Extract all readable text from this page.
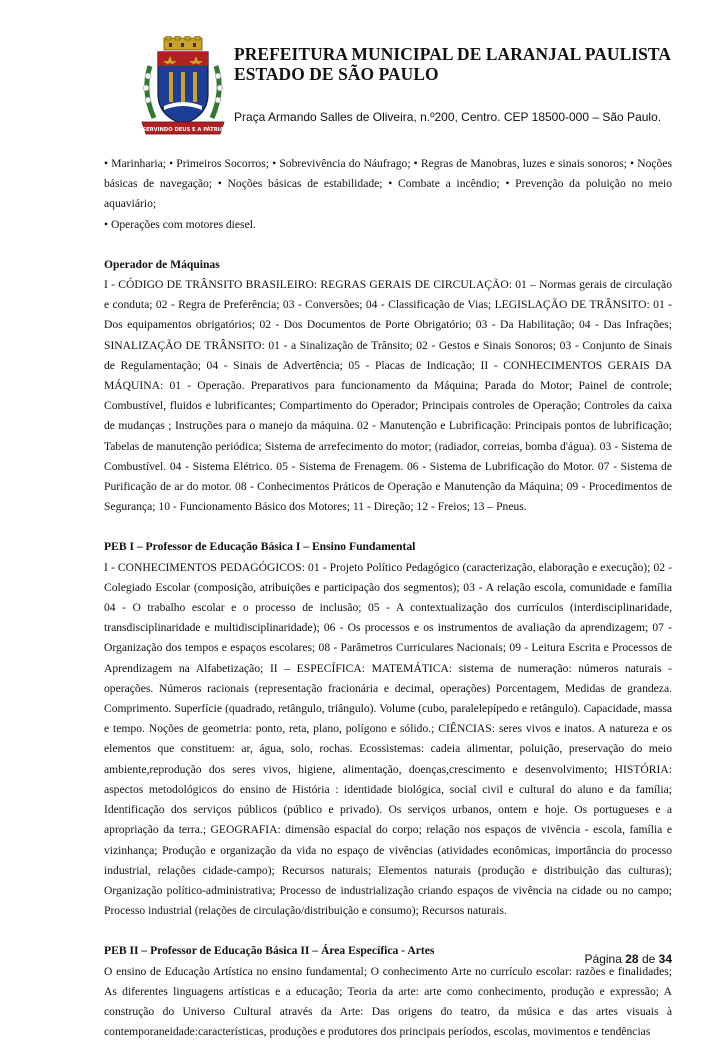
SERVINDO DEUS E A PÁTRIA
PREFEITURA MUNICIPAL DE LARANJAL PAULISTA
ESTADO DE SÃO PAULO
Praça Armando Salles de Oliveira, n.º200, Centro. CEP 18500-000 – São Paulo.

• Marinharia; • Primeiros Socorros; • Sobrevivência do Náufrago; • Regras de Manobras, luzes e sinais sonoros; • Noções básicas de navegação; • Noções básicas de estabilidade; • Combate a incêndio; • Prevenção da poluição no meio aquaviário;

• Operações com motores diesel.

Operador de Máquinas

I - CÓDIGO DE TRÂNSITO BRASILEIRO: REGRAS GERAIS DE CIRCULAÇÃO: 01 – Normas gerais de circulação e conduta; 02 - Regra de Preferência; 03 - Conversões; 04 - Classificação de Vias; LEGISLAÇÃO DE TRÂNSITO: 01 - Dos equipamentos obrigatórios; 02 - Dos Documentos de Porte Obrigatório; 03 - Da Habilitação; 04 - Das Infrações; SINALIZAÇÃO DE TRÂNSITO: 01 - a Sinalização de Trânsito; 02 - Gestos e Sinais Sonoros; 03 - Conjunto de Sinais de Regulamentação; 04 - Sinais de Advertência; 05 - Placas de Indicação; II - CONHECIMENTOS GERAIS DA MÁQUINA: 01 - Operação. Preparativos para funcionamento da Máquina; Parada do Motor; Painel de controle; Combustível, fluidos e lubrificantes; Compartimento do Operador; Principais controles de Operação; Controles da caixa de mudanças ; Instruções para o manejo da máquina. 02 - Manutenção e Lubrificação: Principais pontos de lubrificação; Tabelas de manutenção periódica; Sistema de arrefecimento do motor; (radiador, correias, bomba d'água). 03 - Sistema de Combustível. 04 - Sistema Elétrico. 05 - Sistema de Frenagem. 06 - Sistema de Lubrificação do Motor. 07 - Sistema de Purificação de ar do motor. 08 - Conhecimentos Práticos de Operação e Manutenção da Máquina; 09 - Procedimentos de Segurança; 10 - Funcionamento Básico dos Motores; 11 - Direção; 12 - Freios; 13 – Pneus.

PEB I – Professor de Educação Básica I – Ensino Fundamental

I - CONHECIMENTOS PEDAGÓGICOS: 01 - Projeto Político Pedagógico (caracterização, elaboração e execução); 02 - Colegiado Escolar (composição, atribuições e participação dos segmentos); 03 - A relação escola, comunidade e família 04 - O trabalho escolar e o processo de inclusão; 05 - A contextualização dos currículos (interdisciplinaridade, transdisciplinaridade e multidisciplinaridade); 06 - Os processos e os instrumentos de avaliação da aprendizagem; 07 - Organização dos tempos e espaços escolares; 08 - Parâmetros Curriculares Nacionais; 09 - Leitura Escrita e Processos de Aprendizagem na Alfabetização; II – ESPECÍFICA: MATEMÁTICA: sistema de numeração: números naturais - operações. Números racionais (representação fracionária e decimal, operações) Porcentagem, Medidas de grandeza. Comprimento. Superfície (quadrado, retângulo, triângulo). Volume (cubo, paralelepípedo e retângulo). Capacidade, massa e tempo. Noções de geometria: ponto, reta, plano, polígono e sólido.; CIÊNCIAS: seres vivos e inatos. A natureza e os elementos que constituem: ar, água, solo, rochas. Ecossistemas: cadeia alimentar, poluição, preservação do meio ambiente,reprodução dos seres vivos, higiene, alimentação, doenças,crescimento e desenvolvimento; HISTÓRIA: aspectos metodológicos do ensino de História : identidade biológica, social civil e cultural do aluno e da família; Identificação dos serviços públicos (público e privado). Os serviços urbanos, ontem e hoje. Os portugueses e a apropriação da terra.; GEOGRAFIA: dimensão espacial do corpo; relação nos espaços de vivência - escola, família e vizinhança; Produção e organização da vida no espaço de vivências (atividades econômicas, importância do processo industrial, relações cidade-campo); Recursos naturais; Elementos naturais (produção e distribuição das culturas); Organização político-administrativa; Processo de industrialização criando espaços de vivência na cidade ou no campo; Processo industrial (relações de circulação/distribuição e consumo); Recursos naturais.

PEB II – Professor de Educação Básica II – Área Específica - Artes

O ensino de Educação Artística no ensino fundamental; O conhecimento Arte no currículo escolar: razões e finalidades; As diferentes linguagens artísticas e a educação; Teoria da arte: arte como conhecimento, produção e expressão; A construção do Universo Cultural através da Arte: Das origens do teatro, da música e das artes visuais à contemporaneidade:características, produções e produtores dos principais períodos, escolas, movimentos e tendências

Página 28 de 34
